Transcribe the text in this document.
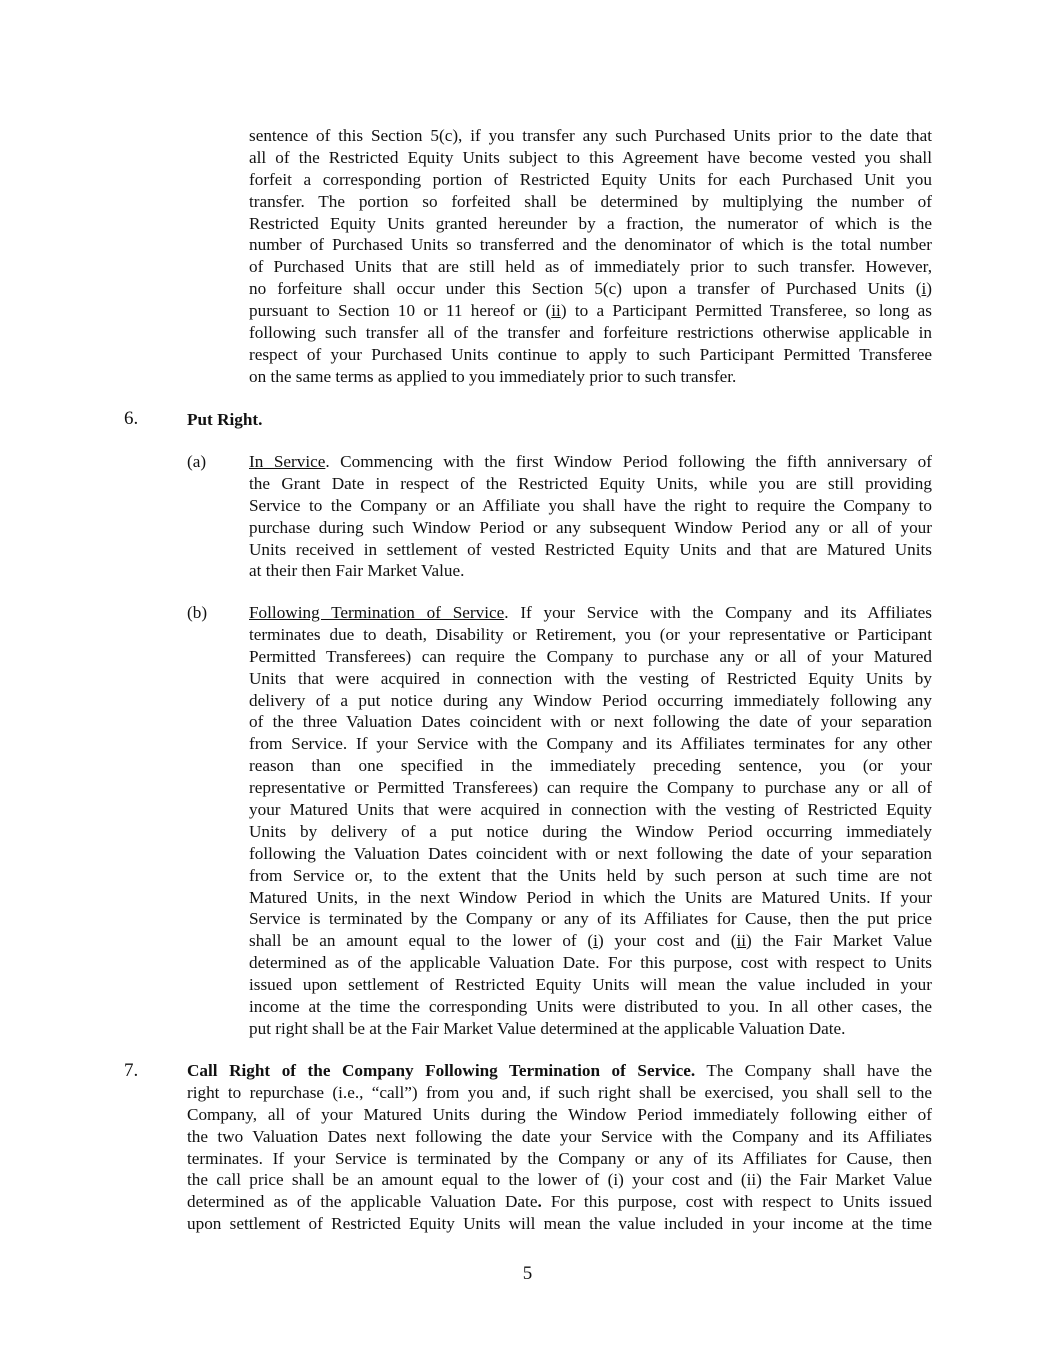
sentence of this Section 5(c), if you transfer any such Purchased Units prior to the date that
all of the Restricted Equity Units subject to this Agreement have become vested you shall
forfeit a corresponding portion of Restricted Equity Units for each Purchased Unit you
transfer. The portion so forfeited shall be determined by multiplying the number of
Restricted Equity Units granted hereunder by a fraction, the numerator of which is the
number of Purchased Units so transferred and the denominator of which is the total number
of Purchased Units that are still held as of immediately prior to such transfer. However,
no forfeiture shall occur under this Section 5(c) upon a transfer of Purchased Units (i)
pursuant to Section 10 or 11 hereof or (ii) to a Participant Permitted Transferee, so long as
following such transfer all of the transfer and forfeiture restrictions otherwise applicable in
respect of your Purchased Units continue to apply to such Participant Permitted Transferee
on the same terms as applied to you immediately prior to such transfer.
6.	Put Right.
(a) In Service. Commencing with the first Window Period following the fifth anniversary of
the Grant Date in respect of the Restricted Equity Units, while you are still providing
Service to the Company or an Affiliate you shall have the right to require the Company to
purchase during such Window Period or any subsequent Window Period any or all of your
Units received in settlement of vested Restricted Equity Units and that are Matured Units
at their then Fair Market Value.
(b) Following Termination of Service. If your Service with the Company and its Affiliates
terminates due to death, Disability or Retirement, you (or your representative or Participant
Permitted Transferees) can require the Company to purchase any or all of your Matured
Units that were acquired in connection with the vesting of Restricted Equity Units by
delivery of a put notice during any Window Period occurring immediately following any
of the three Valuation Dates coincident with or next following the date of your separation
from Service. If your Service with the Company and its Affiliates terminates for any other
reason than one specified in the immediately preceding sentence, you (or your
representative or Permitted Transferees) can require the Company to purchase any or all of
your Matured Units that were acquired in connection with the vesting of Restricted Equity
Units by delivery of a put notice during the Window Period occurring immediately
following the Valuation Dates coincident with or next following the date of your separation
from Service or, to the extent that the Units held by such person at such time are not
Matured Units, in the next Window Period in which the Units are Matured Units. If your
Service is terminated by the Company or any of its Affiliates for Cause, then the put price
shall be an amount equal to the lower of (i) your cost and (ii) the Fair Market Value
determined as of the applicable Valuation Date. For this purpose, cost with respect to Units
issued upon settlement of Restricted Equity Units will mean the value included in your
income at the time the corresponding Units were distributed to you. In all other cases, the
put right shall be at the Fair Market Value determined at the applicable Valuation Date.
7.	Call Right of the Company Following Termination of Service. The Company shall have the
right to repurchase (i.e., “call”) from you and, if such right shall be exercised, you shall sell to the
Company, all of your Matured Units during the Window Period immediately following either of
the two Valuation Dates next following the date your Service with the Company and its Affiliates
terminates. If your Service is terminated by the Company or any of its Affiliates for Cause, then
the call price shall be an amount equal to the lower of (i) your cost and (ii) the Fair Market Value
determined as of the applicable Valuation Date. For this purpose, cost with respect to Units issued
upon settlement of Restricted Equity Units will mean the value included in your income at the time
5
